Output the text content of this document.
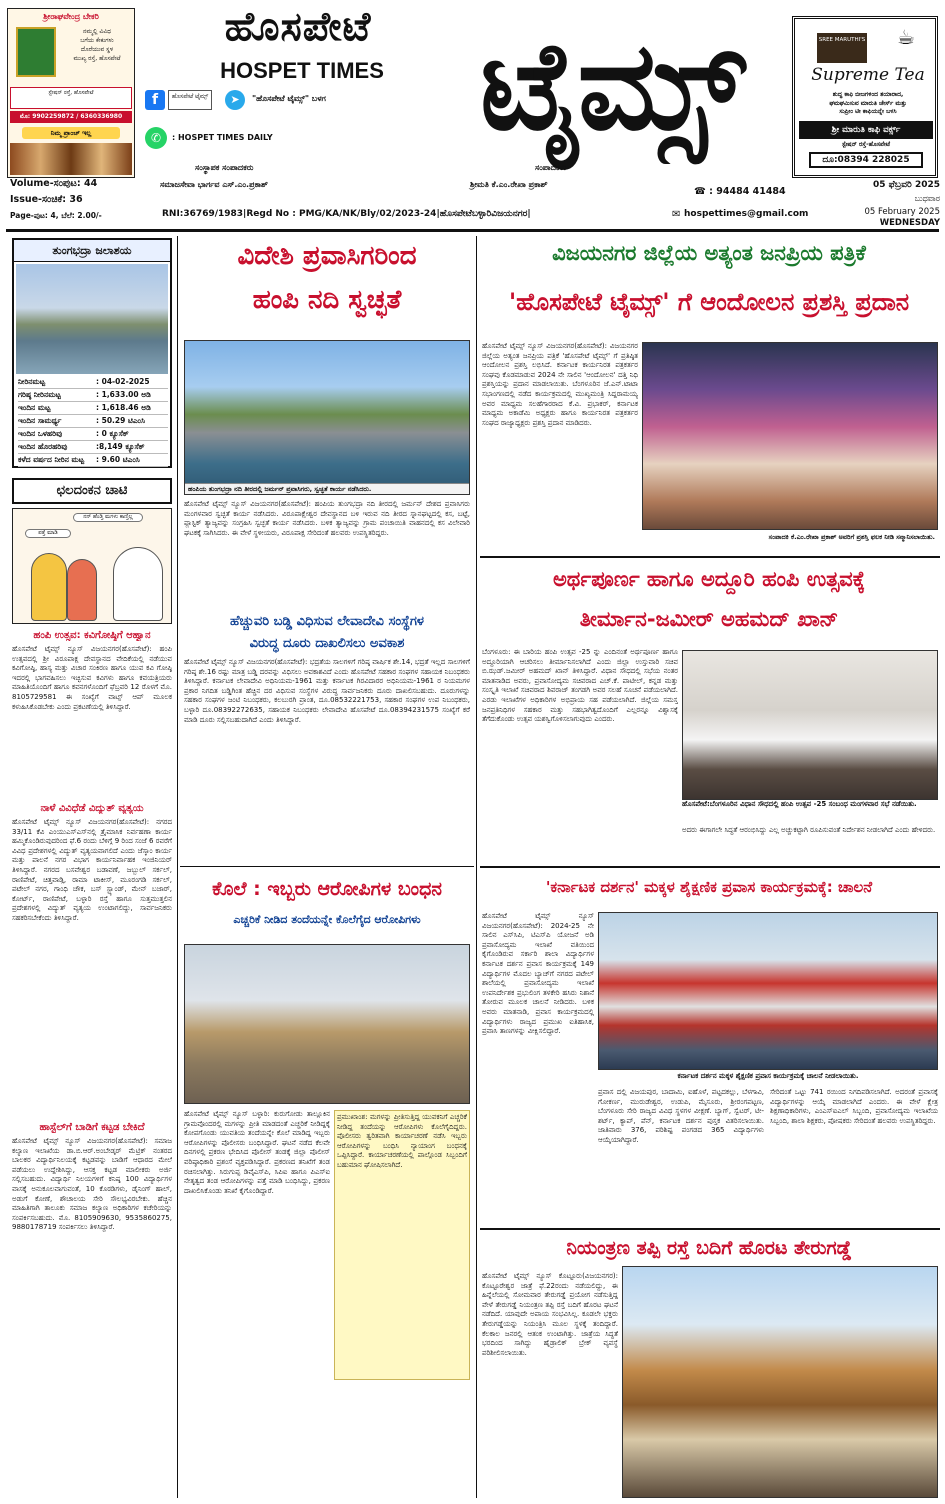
ಶ್ರೀರಾಘವೇಂದ್ರ ಬೇಕರಿ
ನಮ್ಮಲ್ಲಿ ವಿವಿಧ
ಬಗೆಯ ಕೇಕುಗಳು
ದೊರೆಯುವ ಸ್ಥಳ
ಮುಖ್ಯ ರಸ್ತೆ, ಹೊಸಪೇಟೆ
ಸ್ಟೇಷನ್ ರಸ್ತೆ, ಹೊಸಪೇಟೆ
ಮೊ: 9902259872 / 6360336980
ನಿಮ್ಮ ಪ್ರಾಂಚ್ ಇಲ್ಲ
ಹೊಸಪೇಟೆ
HOSPET TIMES ಟೈಮ್ಸ್
f	ಹೊಸಪೇಟೆ ಟೈಮ್ಸ್	➤	"ಹೊಸಪೇಟೆ ಟೈಮ್ಸ್" ಬಳಗ
✆	: HOSPET TIMES DAILY
SREE MARUTHI'S ☕
Supreme Tea
ಶುದ್ಧ ಕಾಫಿ ಬೀಜಗಳಿಂದ ತಯಾರಾದ,
ಘಮಘಮಿಸುವ ಮಾರುತಿ ಚೇರ್ಸ್ ಮತ್ತು
ಸುಪ್ರೀಂ ಟೀ ಕಾಫಿಯನ್ನೇ ಬಳಸಿ
ಶ್ರೀ ಮಾರುತಿ ಕಾಫಿ ವರ್ಕ್ಸ್
ಸ್ಟೇಷನ್ ರಸ್ತೆ-ಹೊಸಪೇಟೆ
ದೂ:08394 228025
ಸಂಸ್ಥಾಪಕ ಸಂಪಾದಕರು
ಸಮಾಜಸೇವಾ ಭಾರ್ಗವ ಎಸ್.ಎಂ.ಪ್ರಕಾಶ್
ಸಂಪಾದಕರು
ಶ್ರೀಮತಿ ಕೆ.ಎಂ.ರೇಖಾ ಪ್ರಕಾಶ್
Volume-ಸಂಪುಟ: 44
Issue-ಸಂಚಿಕೆ: 36
Page-ಪುಟ: 4, ಬೆಲೆ: 2.00/-
☎ : 94484 41484
05 ಫೆಬ್ರವರಿ 2025
ಬುಧವಾರ
05 February 2025
WEDNESDAY
RNI:36769/1983|Regd No : PMG/KA/NK/Bly/02/2023-24|ಹೊಸಪೇಟೆಬಳ್ಳಾರಿವಿಜಯನಗರ|	✉ hospettimes@gmail.com
ತುಂಗಭದ್ರಾ ಜಲಾಶಯ
ನೀರಿನಮಟ್ಟ	: 04-02-2025
ಗರಿಷ್ಠ ನೀರಿನಮಟ್ಟ	: 1,633.00 ಅಡಿ
ಇಂದಿನ ಮಟ್ಟ	: 1,618.46 ಅಡಿ
ಇಂದಿನ ಸಾಮರ್ಥ್ಯ	: 50.29 ಟಿಎಂಸಿ
ಇಂದಿನ ಒಳಹರಿವು	: 0 ಕ್ಯೂಸೆಕ್
ಇಂದಿನ ಹೊರಹರಿವು	:8,149 ಕ್ಯೂಸೆಕ್
ಕಳೆದ ವರ್ಷದ ನೀರಿನ ಮಟ್ಟ	: 9.60 ಟಿಎಂಸಿ
ಛಲದಂಕನ ಚಾಟಿ
ನನ್ ಹೆಂಡ್ತಿ ಮಗಳು ಕಾಣ್ತಿಲ್ಲ
ಪತ್ತೆ ಮಾಡಿ
ಹಂಪಿ ಉತ್ಸವ: ಕವಿಗೋಷ್ಠಿಗೆ ಆಹ್ವಾನ
ಹೊಸಪೇಟೆ ಟೈಮ್ಸ್ ನ್ಯೂಸ್ ವಿಜಯನಗರ(ಹೊಸಪೇಟೆ): ಹಂಪಿ ಉತ್ಸವದಲ್ಲಿ ಶ್ರೀ ವಿರೂಪಾಕ್ಷ ದೇವಸ್ಥಾನದ ವೇದಿಕೆಯಲ್ಲಿ ನಡೆಯುವ ಕವಿಗೋಷ್ಠಿ, ಹಾಸ್ಯ ಮತ್ತು ವಿಚಾರ ಸಂಕಿರಣ ಹಾಗೂ ಯುವ ಕವಿ ಗೋಷ್ಠಿ ಇದರಲ್ಲಿ ಭಾಗವಹಿಸಲು ಇಚ್ಛಿಸುವ ಕವಿಗಳು ಹಾಗೂ ಕವಯತ್ರಿಯರು ಮಾಹಿತಿಯೊಂದಿಗೆ ಹಾಗೂ ಕವನಗಳೊಂದಿಗೆ ಫೆಬ್ರವರಿ 12 ರೊಳಗೆ ಮೊ. 8105729581 ಈ ಸಂಖ್ಯೆಗೆ ವಾಟ್ಸ್ ಆಪ್ ಮೂಲಕ ಕಳುಹಿಸಿಕೊಡಬೇಕು ಎಂದು ಪ್ರಕಟಣೆಯಲ್ಲಿ ತಿಳಿಸಿದ್ದಾರೆ.
ನಾಳೆ ವಿವಿಧೆಡೆ ವಿದ್ಯುತ್ ವ್ಯತ್ಯಯ
ಹೊಸಪೇಟೆ ಟೈಮ್ಸ್ ನ್ಯೂಸ್ ವಿಜಯನಗರ(ಹೊಸಪೇಟೆ): ನಗರದ 33/11 ಕೆವಿ ಎಂಯುಎಸ್ಎಸ್‌ನಲ್ಲಿ ತ್ರೈಮಾಸಿಕ ನಿರ್ವಹಣಾ ಕಾರ್ಯ ಹಮ್ಮಿಕೊಂಡಿರುವುದರಿಂದ ಫೆ.6 ರಂದು ಬೆಳಿಗ್ಗೆ 9 ರಿಂದ ಸಂಜೆ 6 ರವರೆಗೆ ವಿವಿಧ ಪ್ರದೇಶಗಳಲ್ಲಿ ವಿದ್ಯುತ್ ವ್ಯತ್ಯಯವಾಗಲಿದೆ ಎಂದು ಜೆಸ್ಕಾಂ ಕಾರ್ಯ ಮತ್ತು ಪಾಲನೆ ನಗರ ವಿಭಾಗ ಕಾರ್ಯನಿರ್ವಾಹಕ ಇಂಜಿನಿಯರ್ ತಿಳಿಸಿದ್ದಾರೆ. ನಗರದ ಬಸವೇಶ್ವರ ಬಡಾವಣೆ, ಜಬ್ಬುಲ್ ಸರ್ಕಲ್, ರಾಣಿಪೇಟೆ, ಚಿತ್ತವಾಡ್ಗಿ, ರಾಮಾ ಟಾಕೀಸ್, ಮೂರಂಗಡಿ ಸರ್ಕಲ್, ಪಟೇಲ್ ನಗರ, ಗಾಂಧಿ ಚೌಕ, ಬಸ್ ಸ್ಟ್ಯಾಂಡ್, ಮೇನ್ ಬಜಾರ್, ಕೋರ್ಟ್, ರಾಣಿಪೇಟೆ, ಬಳ್ಳಾರಿ ರಸ್ತೆ ಹಾಗೂ ಸುತ್ತಮುತ್ತಲಿನ ಪ್ರದೇಶಗಳಲ್ಲಿ ವಿದ್ಯುತ್ ವ್ಯತ್ಯಯ ಉಂಟಾಗಲಿದ್ದು, ಸಾರ್ವಜನಿಕರು ಸಹಕರಿಸಬೇಕೆಂದು ತಿಳಿಸಿದ್ದಾರೆ.
ಹಾಸ್ಟೆಲ್‌ಗೆ ಬಾಡಿಗೆ ಕಟ್ಟಡ ಬೇಕಿದೆ
ಹೊಸಪೇಟೆ ಟೈಮ್ಸ್ ನ್ಯೂಸ್ ವಿಜಯನಗರ(ಹೊಸಪೇಟೆ): ಸಮಾಜ ಕಲ್ಯಾಣ ಇಲಾಖೆಯ ಡಾ.ಬಿ.ಆರ್.ಅಂಬೇಡ್ಕರ್ ಮೆಟ್ರಿಕ್ ನಂತರದ ಬಾಲಕರ ವಿದ್ಯಾರ್ಥಿನಿಲಯಕ್ಕೆ ಕಟ್ಟಡವನ್ನು ಬಾಡಿಗೆ ಆಧಾರದ ಮೇಲೆ ಪಡೆಯಲು ಉದ್ದೇಶಿಸಿದ್ದು, ಆಸಕ್ತ ಕಟ್ಟಡ ಮಾಲೀಕರು ಅರ್ಜಿ ಸಲ್ಲಿಸಬಹುದು. ವಿದ್ಯಾರ್ಥಿ ನಿಲಯಗಳಿಗೆ ಕನಿಷ್ಠ 100 ವಿದ್ಯಾರ್ಥಿಗಳ ವಾಸಕ್ಕೆ ಅನುಕೂಲವಾಗುವಂತೆ, 10 ಕೊಠಡಿಗಳು, ಡೈನಿಂಗ್ ಹಾಲ್, ಅಡುಗೆ ಕೋಣೆ, ಶೌಚಾಲಯ ಸೇರಿ ಸೌಲಭ್ಯವಿರಬೇಕು. ಹೆಚ್ಚಿನ ಮಾಹಿತಿಗಾಗಿ ತಾಲೂಕು ಸಮಾಜ ಕಲ್ಯಾಣ ಅಧಿಕಾರಿಗಳ ಕಚೇರಿಯನ್ನು ಸಂಪರ್ಕಿಸಬಹುದು. ಮೊ. 8105909630, 9535860275, 9880178719 ಸಂಪರ್ಕಿಸಲು ತಿಳಿಸಿದ್ದಾರೆ.
ವಿದೇಶಿ ಪ್ರವಾಸಿಗರಿಂದ
ಹಂಪಿ ನದಿ ಸ್ವಚ್ಛತೆ
ಹಂಪಿಯ ತುಂಗಭದ್ರಾ ನದಿ ತೀರದಲ್ಲಿ ಜರ್ಮನ್ ಪ್ರವಾಸಿಗರು, ಸ್ವಚ್ಛತೆ ಕಾರ್ಯ ನಡೆಸಿದರು.
ಹೊಸಪೇಟೆ ಟೈಮ್ಸ್ ನ್ಯೂಸ್ ವಿಜಯನಗರ(ಹೊಸಪೇಟೆ): ಹಂಪಿಯ ತುಂಗಭದ್ರಾ ನದಿ ತೀರದಲ್ಲಿ ಜರ್ಮನ್ ದೇಶದ ಪ್ರವಾಸಿಗರು ಮಂಗಳವಾರ ಸ್ವಚ್ಛತೆ ಕಾರ್ಯ ನಡೆಸಿದರು. ವಿರೂಪಾಕ್ಷೇಶ್ವರ ದೇವಸ್ಥಾನದ ಬಳಿ ಇರುವ ನದಿ ತೀರದ ಸ್ನಾನಘಟ್ಟದಲ್ಲಿ ಕಸ, ಬಟ್ಟೆ, ಪ್ಲಾಸ್ಟಿಕ್ ತ್ಯಾಜ್ಯವನ್ನು ಸಂಗ್ರಹಿಸಿ ಸ್ವಚ್ಛತೆ ಕಾರ್ಯ ನಡೆಸಿದರು. ಬಳಿಕ ತ್ಯಾಜ್ಯವನ್ನು ಗ್ರಾಮ ಪಂಚಾಯಿತಿ ವಾಹನದಲ್ಲಿ ಕಸ ವಿಲೇವಾರಿ ಘಟಕಕ್ಕೆ ಸಾಗಿಸಿದರು. ಈ ವೇಳೆ ಸ್ಥಳೀಯರು, ವಿರೂಪಾಕ್ಷ ಸೇರಿದಂತೆ ಹಲವರು ಉಪಸ್ಥಿತರಿದ್ದರು.
ಹೆಚ್ಚುವರಿ ಬಡ್ಡಿ ವಿಧಿಸುವ ಲೇವಾದೇವಿ ಸಂಸ್ಥೆಗಳ
ವಿರುದ್ಧ ದೂರು ದಾಖಲಿಸಲು ಅವಕಾಶ
ಹೊಸಪೇಟೆ ಟೈಮ್ಸ್ ನ್ಯೂಸ್ ವಿಜಯನಗರ(ಹೊಸಪೇಟೆ): ಭದ್ರತೆಯ ಸಾಲಗಳಿಗೆ ಗರಿಷ್ಠ ವಾರ್ಷಿಕ ಶೇ.14, ಭದ್ರತೆ ಇಲ್ಲದ ಸಾಲಗಳಿಗೆ ಗರಿಷ್ಠ ಶೇ.16 ರಷ್ಟು ಮಾತ್ರ ಬಡ್ಡಿ ದರವನ್ನು ವಿಧಿಸಲು ಅವಕಾಶವಿದೆ ಎಂದು ಹೊಸಪೇಟೆ ಸಹಕಾರ ಸಂಘಗಳ ಸಹಾಯಕ ನಿಬಂಧಕರು ತಿಳಿಸಿದ್ದಾರೆ. ಕರ್ನಾಟಕ ಲೇವಾದೇವಿ ಅಧಿನಿಯಮ-1961 ಮತ್ತು ಕರ್ನಾಟಕ ಗಿರವಿದಾರರ ಅಧಿನಿಯಮ-1961 ರ ನಿಯಮಗಳ ಪ್ರಕಾರ ನಿಗದಿತ ಬಡ್ಡಿಗಿಂತ ಹೆಚ್ಚಿನ ದರ ವಿಧಿಸುವ ಸಂಸ್ಥೆಗಳ ವಿರುದ್ಧ ಸಾರ್ವಜನಿಕರು ದೂರು ದಾಖಲಿಸಬಹುದು. ದೂರುಗಳನ್ನು ಸಹಕಾರ ಸಂಘಗಳ ಜಂಟಿ ನಿಬಂಧಕರು, ಕಲಬುರಗಿ ಪ್ರಾಂತ, ದೂ.08532221753, ಸಹಕಾರ ಸಂಘಗಳ ಉಪ ನಿಬಂಧಕರು, ಬಳ್ಳಾರಿ ದೂ.08392272635, ಸಹಾಯಕ ನಿಬಂಧಕರು ಲೇವಾದೇವಿ ಹೊಸಪೇಟೆ ದೂ.08394231575 ಸಂಖ್ಯೆಗೆ ಕರೆ ಮಾಡಿ ದೂರು ಸಲ್ಲಿಸಬಹುದಾಗಿದೆ ಎಂದು ತಿಳಿಸಿದ್ದಾರೆ.
ಕೊಲೆ : ಇಬ್ಬರು ಆರೋಪಿಗಳ ಬಂಧನ
ಎಚ್ಚರಿಕೆ ನೀಡಿದ ತಂದೆಯನ್ನೇ ಕೊಲೆಗೈದ ಆರೋಪಿಗಳು
ಹೊಸಪೇಟೆ ಟೈಮ್ಸ್ ನ್ಯೂಸ್ ಬಳ್ಳಾರಿ: ಕುರುಗೋಡು ತಾಲ್ಲೂಕಿನ ಗ್ರಾಮವೊಂದರಲ್ಲಿ ಮಗಳನ್ನು ಪ್ರೀತಿ ಮಾಡದಂತೆ ಎಚ್ಚರಿಕೆ ನೀಡಿದ್ದಕ್ಕೆ ಕೋಪಗೊಂಡು ಯುವತಿಯ ತಂದೆಯನ್ನೇ ಕೊಲೆ ಮಾಡಿದ್ದ ಇಬ್ಬರು ಆರೋಪಿಗಳನ್ನು ಪೊಲೀಸರು ಬಂಧಿಸಿದ್ದಾರೆ. ಘಟನೆ ನಡೆದ ಕೆಲವೇ ದಿನಗಳಲ್ಲಿ ಪ್ರಕರಣ ಭೇದಿಸಿದ ಪೊಲೀಸ್ ತಂಡಕ್ಕೆ ಜಿಲ್ಲಾ ಪೊಲೀಸ್ ವರಿಷ್ಠಾಧಿಕಾರಿ ಪ್ರಶಂಸೆ ವ್ಯಕ್ತಪಡಿಸಿದ್ದಾರೆ. ಪ್ರಕರಣದ ತನಿಖೆಗೆ ತಂಡ ರಚಿಸಲಾಗಿತ್ತು. ಸಿರುಗುಪ್ಪ ಡಿವೈಎಸ್‌ಪಿ, ಸಿಪಿಐ ಹಾಗೂ ಪಿಎಸ್‌ಐ ನೇತೃತ್ವದ ತಂಡ ಆರೋಪಿಗಳನ್ನು ಪತ್ತೆ ಮಾಡಿ ಬಂಧಿಸಿದ್ದು, ಪ್ರಕರಣ ದಾಖಲಿಸಿಕೊಂಡು ತನಿಖೆ ಕೈಗೊಂಡಿದ್ದಾರೆ.
ಪ್ರಮುಖಾಂಶ: ಮಗಳನ್ನು ಪ್ರೀತಿಸುತ್ತಿದ್ದ ಯುವಕನಿಗೆ ಎಚ್ಚರಿಕೆ ನೀಡಿದ್ದ ತಂದೆಯನ್ನು ಆರೋಪಿಗಳು ಕೊಲೆಗೈದಿದ್ದರು. ಪೊಲೀಸರು ತ್ವರಿತವಾಗಿ ಕಾರ್ಯಾಚರಣೆ ನಡೆಸಿ ಇಬ್ಬರು ಆರೋಪಿಗಳನ್ನು ಬಂಧಿಸಿ ನ್ಯಾಯಾಂಗ ಬಂಧನಕ್ಕೆ ಒಪ್ಪಿಸಿದ್ದಾರೆ. ಕಾರ್ಯಾಚರಣೆಯಲ್ಲಿ ಪಾಲ್ಗೊಂಡ ಸಿಬ್ಬಂದಿಗೆ ಬಹುಮಾನ ಘೋಷಿಸಲಾಗಿದೆ.
ವಿಜಯನಗರ ಜಿಲ್ಲೆಯ ಅತ್ಯಂತ ಜನಪ್ರಿಯ ಪತ್ರಿಕೆ
'ಹೊಸಪೇಟೆ ಟೈಮ್ಸ್' ಗೆ ಆಂದೋಲನ ಪ್ರಶಸ್ತಿ ಪ್ರದಾನ
ಹೊಸಪೇಟೆ ಟೈಮ್ಸ್ ನ್ಯೂಸ್ ವಿಜಯನಗರ(ಹೊಸಪೇಟೆ): ವಿಜಯನಗರ ಜಿಲ್ಲೆಯ ಅತ್ಯಂತ ಜನಪ್ರಿಯ ಪತ್ರಿಕೆ 'ಹೊಸಪೇಟೆ ಟೈಮ್ಸ್' ಗೆ ಪ್ರತಿಷ್ಠಿತ ಆಂದೋಲನ ಪ್ರಶಸ್ತಿ ಲಭಿಸಿದೆ. ಕರ್ನಾಟಕ ಕಾರ್ಯನಿರತ ಪತ್ರಕರ್ತರ ಸಂಘವು ಕೊಡಮಾಡುವ 2024 ನೇ ಸಾಲಿನ 'ಆಂದೋಲನ' ದತ್ತಿ ನಿಧಿ ಪ್ರಶಸ್ತಿಯನ್ನು ಪ್ರದಾನ ಮಾಡಲಾಯಿತು. ಬೆಂಗಳೂರಿನ ಜೆ.ಎನ್.ಟಾಟಾ ಸಭಾಂಗಣದಲ್ಲಿ ನಡೆದ ಕಾರ್ಯಕ್ರಮದಲ್ಲಿ ಮುಖ್ಯಮಂತ್ರಿ ಸಿದ್ದರಾಮಯ್ಯ ಅವರ ಮಾಧ್ಯಮ ಸಲಹೆಗಾರರಾದ ಕೆ.ವಿ. ಪ್ರಭಾಕರ್, ಕರ್ನಾಟಕ ಮಾಧ್ಯಮ ಅಕಾಡೆಮಿ ಅಧ್ಯಕ್ಷರು ಹಾಗೂ ಕಾರ್ಯನಿರತ ಪತ್ರಕರ್ತರ ಸಂಘದ ರಾಜ್ಯಾಧ್ಯಕ್ಷರು ಪ್ರಶಸ್ತಿ ಪ್ರದಾನ ಮಾಡಿದರು.
ಸಂಪಾದಕಿ ಕೆ.ಎಂ.ರೇಖಾ ಪ್ರಕಾಶ್ ಅವರಿಗೆ ಪ್ರಶಸ್ತಿ ಫಲಕ ನೀಡಿ ಸನ್ಮಾನಿಸಲಾಯಿತು.
ಅರ್ಥಪೂರ್ಣ ಹಾಗೂ ಅದ್ದೂರಿ ಹಂಪಿ ಉತ್ಸವಕ್ಕೆ
ತೀರ್ಮಾನ-ಜಮೀರ್ ಅಹಮದ್ ಖಾನ್
ಬೆಂಗಳೂರು: ಈ ಬಾರಿಯ ಹಂಪಿ ಉತ್ಸವ -25 ನ್ನು ಎಂದಿನಂತೆ ಅರ್ಥಪೂರ್ಣ ಹಾಗೂ ಅದ್ದೂರಿಯಾಗಿ ಆಚರಿಸಲು ತೀರ್ಮಾನಿಸಲಾಗಿದೆ ಎಂದು ಜಿಲ್ಲಾ ಉಸ್ತುವಾರಿ ಸಚಿವ ಬಿ.ಝಡ್.ಜಮೀರ್ ಅಹಮದ್ ಖಾನ್ ತಿಳಿಸಿದ್ದಾರೆ. ವಿಧಾನ ಸೌಧದಲ್ಲಿ ಸಭೆಯ ನಂತರ ಮಾತನಾಡಿದ ಅವರು, ಪ್ರವಾಸೋದ್ಯಮ ಸಚಿವರಾದ ಎಚ್.ಕೆ. ಪಾಟೀಲ್, ಕನ್ನಡ ಮತ್ತು ಸಂಸ್ಕೃತಿ ಇಲಾಖೆ ಸಚಿವರಾದ ಶಿವರಾಜ್ ತಂಗಡಗಿ ಅವರ ಸಲಹೆ ಸೂಚನೆ ಪಡೆಯಲಾಗಿದೆ. ಎರಡು ಇಲಾಖೆಗಳ ಅಧಿಕಾರಿಗಳ ಅಭಿಪ್ರಾಯ ಸಹ ಪಡೆಯಲಾಗಿದೆ. ಜಿಲ್ಲೆಯ ಸಮಸ್ತ ಜನಪ್ರತಿನಿಧಿಗಳ ಸಹಕಾರ ಮತ್ತು ಸಹಭಾಗಿತ್ವದೊಂದಿಗೆ ಎಲ್ಲರನ್ನೂ ವಿಶ್ವಾಸಕ್ಕೆ ತೆಗೆದುಕೊಂಡು ಉತ್ಸವ ಯಶಸ್ವಿಗೊಳಿಸಲಾಗುವುದು ಎಂದರು.
ಹೊಸಪೇಟೆ:ಬೆಂಗಳೂರಿನ ವಿಧಾನ ಸೌಧದಲ್ಲಿ ಹಂಪಿ ಉತ್ಸವ -25 ಸಂಬಂಧ ಮಂಗಳವಾರ ಸಭೆ ನಡೆಯಿತು.
ಅದರು ಈಗಾಗಲೇ ಸಿದ್ಧತೆ ಆರಂಭಿಸಿದ್ದು ಎಲ್ಲ ಅಚ್ಚುಕಟ್ಟಾಗಿ ರೂಪಿಸುವಂತೆ ನಿರ್ದೇಶನ ನೀಡಲಾಗಿದೆ ಎಂದು ಹೇಳಿದರು.
'ಕರ್ನಾಟಕ ದರ್ಶನ' ಮಕ್ಕಳ ಶೈಕ್ಷಣಿಕ ಪ್ರವಾಸ ಕಾರ್ಯಕ್ರಮಕ್ಕೆ: ಚಾಲನೆ
ಹೊಸಪೇಟೆ ಟೈಮ್ಸ್ ನ್ಯೂಸ್ ವಿಜಯನಗರ(ಹೊಸಪೇಟೆ): 2024-25 ನೇ ಸಾಲಿನ ಎಸ್‌ಸಿಪಿ, ಟಿಎಸ್‌ಪಿ ಯೋಜನೆ ಅಡಿ ಪ್ರವಾಸೋದ್ಯಮ ಇಲಾಖೆ ವತಿಯಿಂದ ಕೈಗೊಂಡಿರುವ ಸರ್ಕಾರಿ ಶಾಲಾ ವಿದ್ಯಾರ್ಥಿಗಳ ಕರ್ನಾಟಕ ದರ್ಶನ ಪ್ರವಾಸ ಕಾರ್ಯಕ್ರಮಕ್ಕೆ 149 ವಿದ್ಯಾರ್ಥಿಗಳ ಮೊದಲ ಬ್ಯಾಚ್‌ಗೆ ನಗರದ ಪಟೇಲ್ ಶಾಲೆಯಲ್ಲಿ ಪ್ರವಾಸೋದ್ಯಮ ಇಲಾಖೆ ಉಪನಿರ್ದೇಶಕ ಪ್ರಭುಲಿಂಗ ತಳಕೇರಿ ಹಸಿರು ನಿಶಾನೆ ತೋರುವ ಮೂಲಕ ಚಾಲನೆ ನೀಡಿದರು. ಬಳಿಕ ಅವರು ಮಾತನಾಡಿ, ಪ್ರವಾಸ ಕಾರ್ಯಕ್ರಮದಲ್ಲಿ ವಿದ್ಯಾರ್ಥಿಗಳು ರಾಜ್ಯದ ಪ್ರಮುಖ ಐತಿಹಾಸಿಕ, ಪ್ರವಾಸಿ ತಾಣಗಳನ್ನು ವೀಕ್ಷಿಸಲಿದ್ದಾರೆ.
ಕರ್ನಾಟಕ ದರ್ಶನ ಮಕ್ಕಳ ಶೈಕ್ಷಣಿಕ ಪ್ರವಾಸ ಕಾರ್ಯಕ್ರಮಕ್ಕೆ ಚಾಲನೆ ನೀಡಲಾಯಿತು.
ಪ್ರವಾಸ ದಲ್ಲಿ ವಿಜಯಪುರ, ಬಾದಾಮಿ, ಐಹೊಳೆ, ಪಟ್ಟದಕಲ್ಲು, ಬೆಳಗಾವಿ, ಗೋಕರ್ಣ, ಮುರುಡೇಶ್ವರ, ಉಡುಪಿ, ಮೈಸೂರು, ಶ್ರೀರಂಗಪಟ್ಟಣ, ಬೆಂಗಳೂರು ಸೇರಿ ರಾಜ್ಯದ ವಿವಿಧ ಸ್ಥಳಗಳ ವೀಕ್ಷಣೆ. ಬ್ಯಾಗ್, ಸ್ವೆಟರ್, ಟೀ-ಶರ್ಟ್, ಕ್ಯಾಪ್, ಪೆನ್, ಕರ್ನಾಟಕ ದರ್ಶನ ಪುಸ್ತಕ ವಿತರಿಸಲಾಯಿತು. ಜಾತಿವಾರು 376, ಪರಿಶಿಷ್ಟ ಪಂಗಡದ 365 ವಿದ್ಯಾರ್ಥಿಗಳು ಆಯ್ಕೆಯಾಗಿದ್ದಾರೆ.
ಸೇರಿದಂತೆ ಒಟ್ಟು 741 ರಯಿಂದ ನಿಗದಿಪಡಿಸಲಾಗಿದೆ. ಅದರಂತೆ ಪ್ರವಾಸಕ್ಕೆ ವಿದ್ಯಾರ್ಥಿಗಳನ್ನು ಆಯ್ಕೆ ಮಾಡಲಾಗಿದೆ ಎಂದರು. ಈ ವೇಳೆ ಕ್ಷೇತ್ರ ಶಿಕ್ಷಣಾಧಿಕಾರಿಗಳು, ಎಂಎಸ್‌ಐಎಲ್ ಸಿಬ್ಬಂದಿ, ಪ್ರವಾಸೋದ್ಯಮ ಇಲಾಖೆಯ ಸಿಬ್ಬಂದಿ, ಶಾಲಾ ಶಿಕ್ಷಕರು, ಪೋಷಕರು ಸೇರಿದಂತೆ ಹಲವರು ಉಪಸ್ಥಿತರಿದ್ದರು.
ನಿಯಂತ್ರಣ ತಪ್ಪಿ ರಸ್ತೆ ಬದಿಗೆ ಹೊರಟ ತೇರುಗಡ್ಡೆ
ಹೊಸಪೇಟೆ ಟೈಮ್ಸ್ ನ್ಯೂಸ್ ಕೊಟ್ಟೂರು(ವಿಜಯನಗರ): ಕೊಟ್ಟೂರೇಶ್ವರ ಜಾತ್ರೆ ಫೆ.22ರಂದು ನಡೆಯಲಿದ್ದು, ಈ ಹಿನ್ನೆಲೆಯಲ್ಲಿ ಸೋಮವಾರ ತೇರುಗಡ್ಡೆ ಪ್ರಯೋಗ ನಡೆಸುತ್ತಿದ್ದ ವೇಳೆ ತೇರುಗಡ್ಡೆ ನಿಯಂತ್ರಣ ತಪ್ಪಿ ರಸ್ತೆ ಬದಿಗೆ ಹೊರಟ ಘಟನೆ ನಡೆದಿದೆ. ಯಾವುದೇ ಅಪಾಯ ಸಂಭವಿಸಿಲ್ಲ. ಕೂಡಲೇ ಭಕ್ತರು ತೇರುಗಡ್ಡೆಯನ್ನು ನಿಯಂತ್ರಿಸಿ ಮೂಲ ಸ್ಥಳಕ್ಕೆ ತಂದಿದ್ದಾರೆ. ಕೆಲಕಾಲ ಜನರಲ್ಲಿ ಆತಂಕ ಉಂಟಾಗಿತ್ತು. ಜಾತ್ರೆಯ ಸಿದ್ಧತೆ ಭರದಿಂದ ಸಾಗಿದ್ದು ಹೈಡ್ರಾಲಿಕ್ ಬ್ರೇಕ್ ವ್ಯವಸ್ಥೆ ಪರಿಶೀಲಿಸಲಾಯಿತು.
